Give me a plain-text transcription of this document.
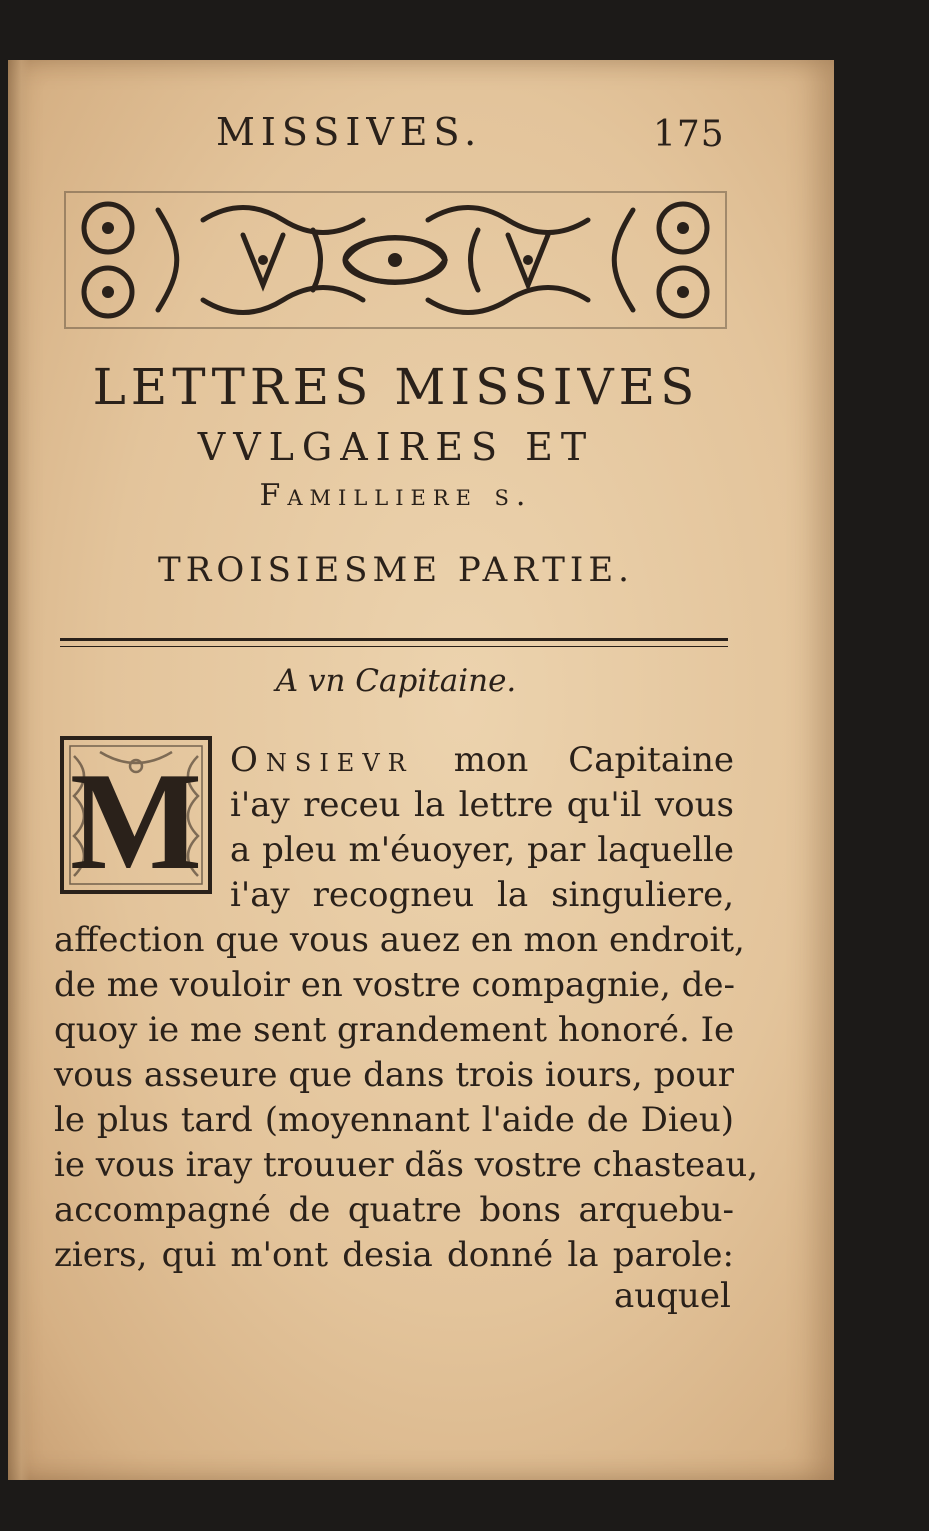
MISSIVES.	175
LETTRES MISSIVES
VVLGAIRES ET
Familliere s.
TROISIESME PARTIE.
A vn Capitaine.
M Onsievr mon Capitaine
i'ay receu la lettre qu'il vous
a pleu m'éuoyer, par laquelle
i'ay recogneu la singuliere,
affection que vous auez en mon endroit,
de me vouloir en vostre compagnie, de-
quoy ie me sent grandement honoré. Ie
vous asseure que dans trois iours, pour
le plus tard (moyennant l'aide de Dieu)
ie vous iray trouuer dãs vostre chasteau,
accompagné de quatre bons arquebu-
ziers, qui m'ont desia donné la parole:
auquel
